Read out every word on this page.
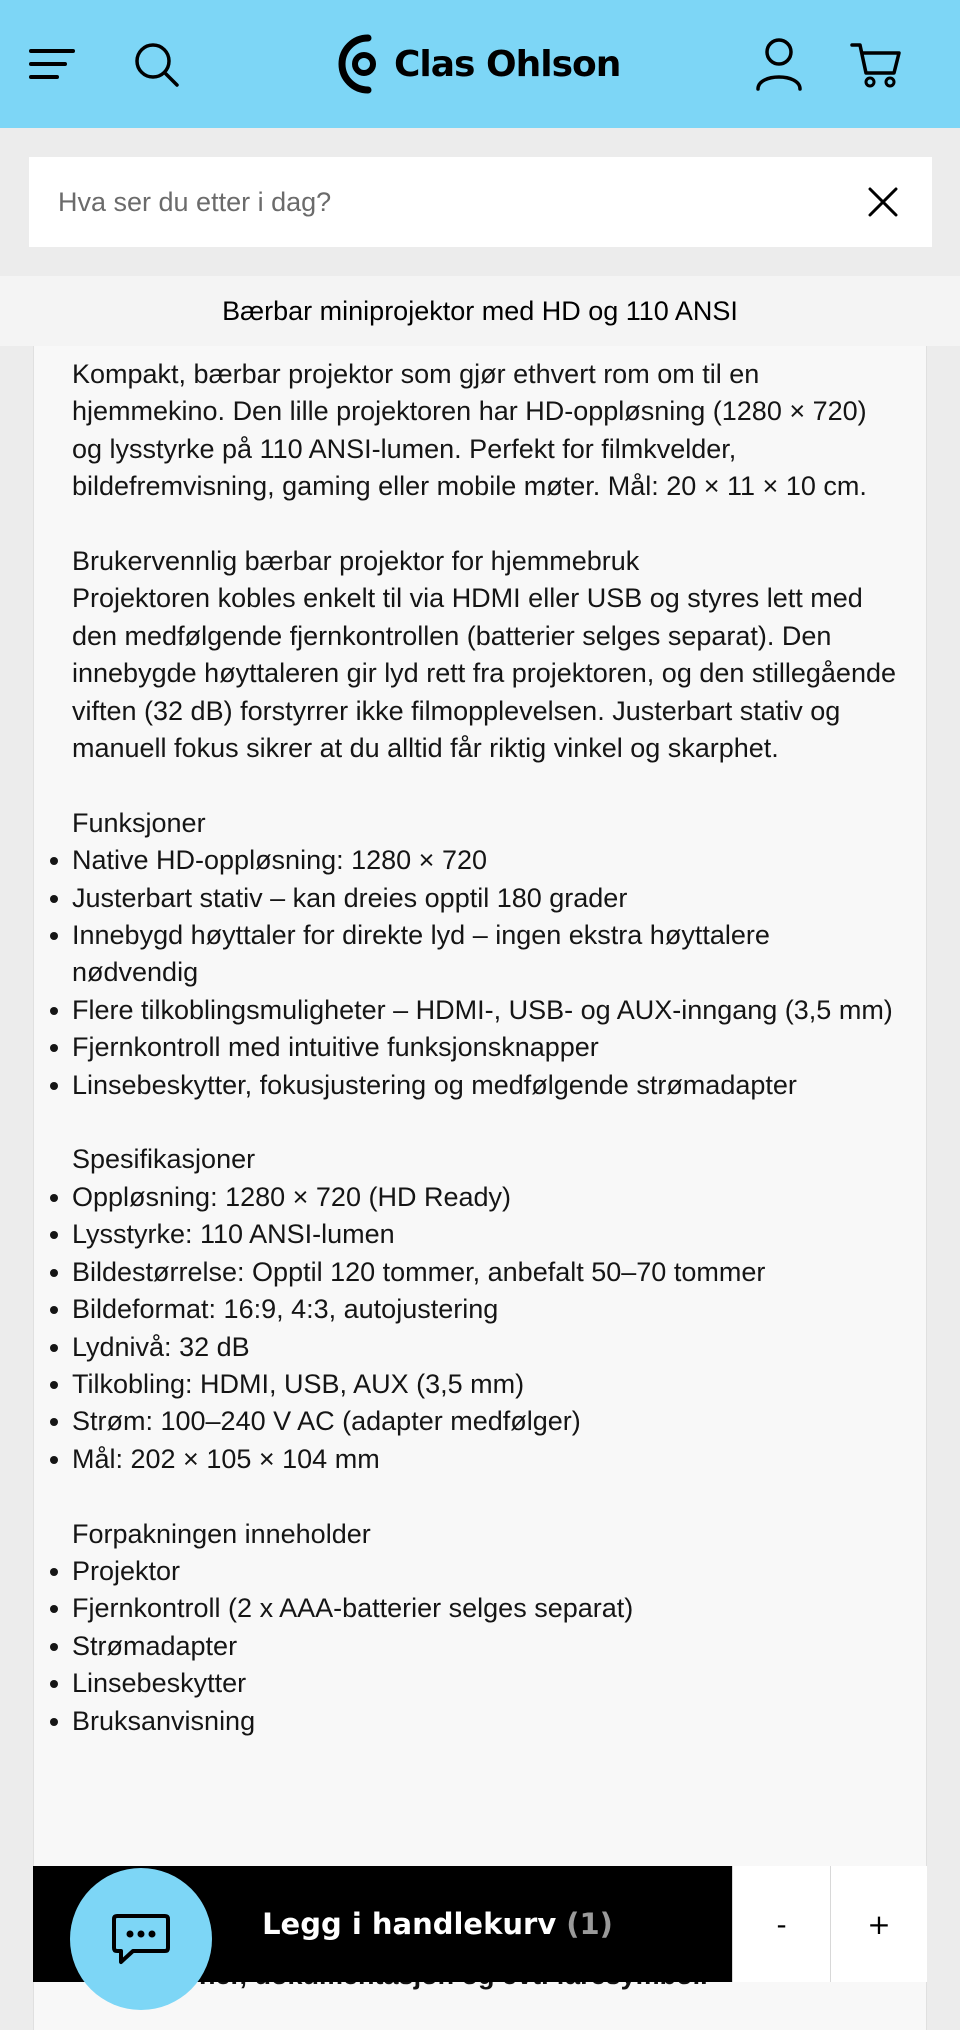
Clas Ohlson
Hva ser du etter i dag?
Bærbar miniprojektor med HD og 110 ANSI

Kompakt, bærbar projektor som gjør ethvert rom om til en hjemmekino. Den lille projektoren har HD-oppløsning (1280 × 720) og lysstyrke på 110 ANSI-lumen. Perfekt for filmkvelder, bildefremvisning, gaming eller mobile møter. Mål: 20 × 11 × 10 cm.

Brukervennlig bærbar projektor for hjemmebruk

Projektoren kobles enkelt til via HDMI eller USB og styres lett med den medfølgende fjernkontrollen (batterier selges separat). Den innebygde høyttaleren gir lyd rett fra projektoren, og den stillegående viften (32 dB) forstyrrer ikke filmopplevelsen. Justerbart stativ og manuell fokus sikrer at du alltid får riktig vinkel og skarphet.

Funksjoner

Native HD-oppløsning: 1280 × 720
Justerbart stativ – kan dreies opptil 180 grader
Innebygd høyttaler for direkte lyd – ingen ekstra høyttalere nødvendig
Flere tilkoblingsmuligheter – HDMI-, USB- og AUX-inngang (3,5 mm)
Fjernkontroll med intuitive funksjonsknapper
Linsebeskytter, fokusjustering og medfølgende strømadapter

Spesifikasjoner

Oppløsning: 1280 × 720 (HD Ready)
Lysstyrke: 110 ANSI-lumen
Bildestørrelse: Opptil 120 tommer, anbefalt 50–70 tommer
Bildeformat: 16:9, 4:3, autojustering
Lydnivå: 32 dB
Tilkobling: HDMI, USB, AUX (3,5 mm)
Strøm: 100–240 V AC (adapter medfølger)
Mål: 202 × 105 × 104 mm

Forpakningen inneholder

Projektor
Fjernkontroll (2 x AAA-batterier selges separat)
Strømadapter
Linsebeskytter
Bruksanvisning
Legg i handlekurv (1)	-	+
